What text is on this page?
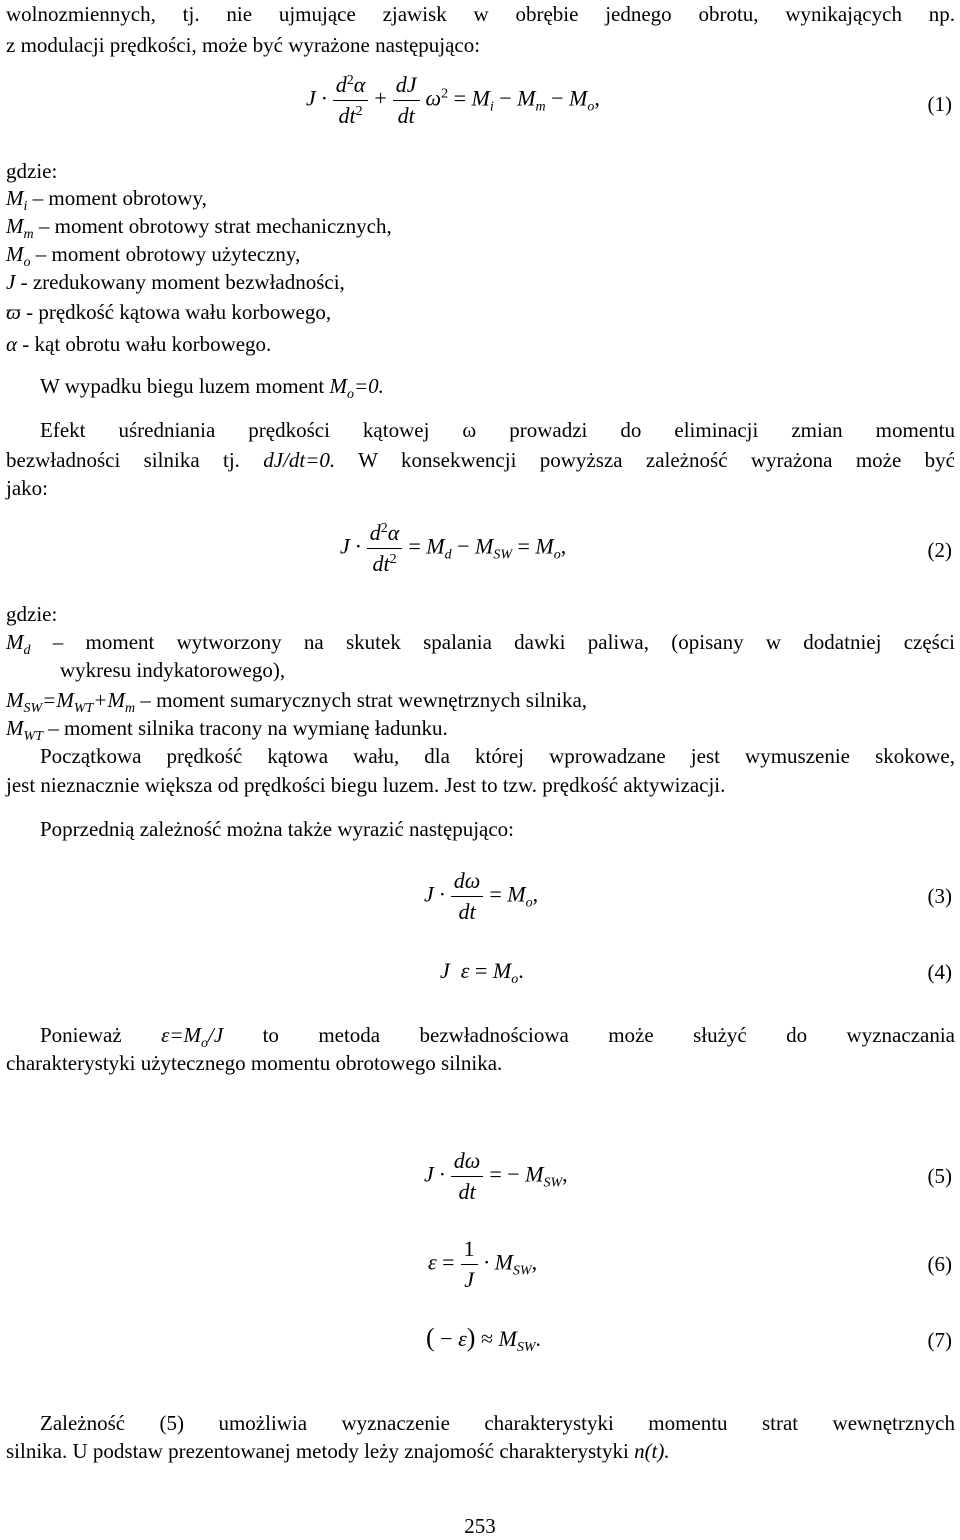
wolnozmiennych, tj. nie ujmujące zjawisk w obrębie jednego obrotu, wynikających np.
z modulacji prędkości, może być wyrażone następująco:
$J \cdot \frac{d^2\alpha}{dt^2} + \frac{dJ}{dt} \omega^2 = M_i - M_m - M_o$,	(1)
gdzie:
$M_i$ – moment obrotowy,
$M_m$ – moment obrotowy strat mechanicznych,
$M_o$ – moment obrotowy użyteczny,
J - zredukowany moment bezwładności,
ϖ - prędkość kątowa wału korbowego,
α - kąt obrotu wału korbowego.
W wypadku biegu luzem moment $M_o=0$.
Efekt uśredniania prędkości kątowej ω prowadzi do eliminacji zmian momentu
bezwładności silnika tj. dJ/dt=0. W konsekwencji powyższa zależność wyrażona może być
jako:
$J \cdot \frac{d^2\alpha}{dt^2} = M_d - M_{SW} = M_o$,	(2)
gdzie:
$M_d$ – moment wytworzony na skutek spalania dawki paliwa, (opisany w dodatniej części
wykresu indykatorowego),
$M_{SW}=M_{WT}+M_m$ – moment sumarycznych strat wewnętrznych silnika,
$M_{WT}$ – moment silnika tracony na wymianę ładunku.
Początkowa prędkość kątowa wału, dla której wprowadzane jest wymuszenie skokowe,
jest nieznacznie większa od prędkości biegu luzem. Jest to tzw. prędkość aktywizacji.
Poprzednią zależność można także wyrazić następująco:
$J \cdot \frac{d\omega}{dt} = M_o$,	(3)
J  $\varepsilon = M_o$.	(4)
Ponieważ $\varepsilon=M_o/J$ to metoda bezwładnościowa może służyć do wyznaczania
charakterystyki użytecznego momentu obrotowego silnika.
$J \cdot \frac{d\omega}{dt}$ = − $M_{SW}$,	(5)
$\varepsilon = \frac{1}{J} \cdot M_{SW}$,	(6)
( − $\varepsilon) \approx M_{SW}$.	(7)
Zależność (5) umożliwia wyznaczenie charakterystyki momentu strat wewnętrznych
silnika. U podstaw prezentowanej metody leży znajomość charakterystyki n(t).
253
